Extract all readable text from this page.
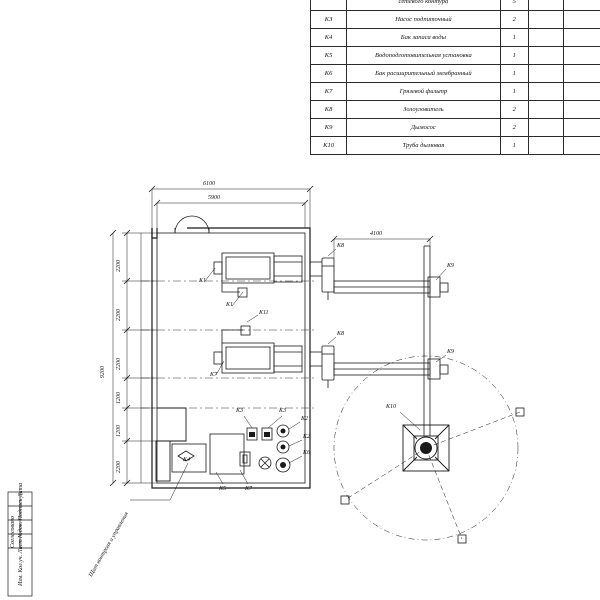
	сетевого контура	5		
КЗ	Насос подпиточный	2		
К4	Бак запаса воды	1		
К5	Водоподготовительная установка	1		
К6	Бак расширительный мембранный	1		
К7	Грязевой фильтр	1		
К8	Золоуловитель	2		
К9	Дымосос	2		
К10	Труба дымовая	1		
6100
5900
4100
9200
2200
2200
2200
1200
1200
2200
К1
К7
К1
К11
К8
К8
К9
К9
К10
К3	К3
К2
К2
К6
К4
К5	К7
Щит контроля и управления
Изм. Кол.уч. Лист №док. Подпись Дата
Согласовано
